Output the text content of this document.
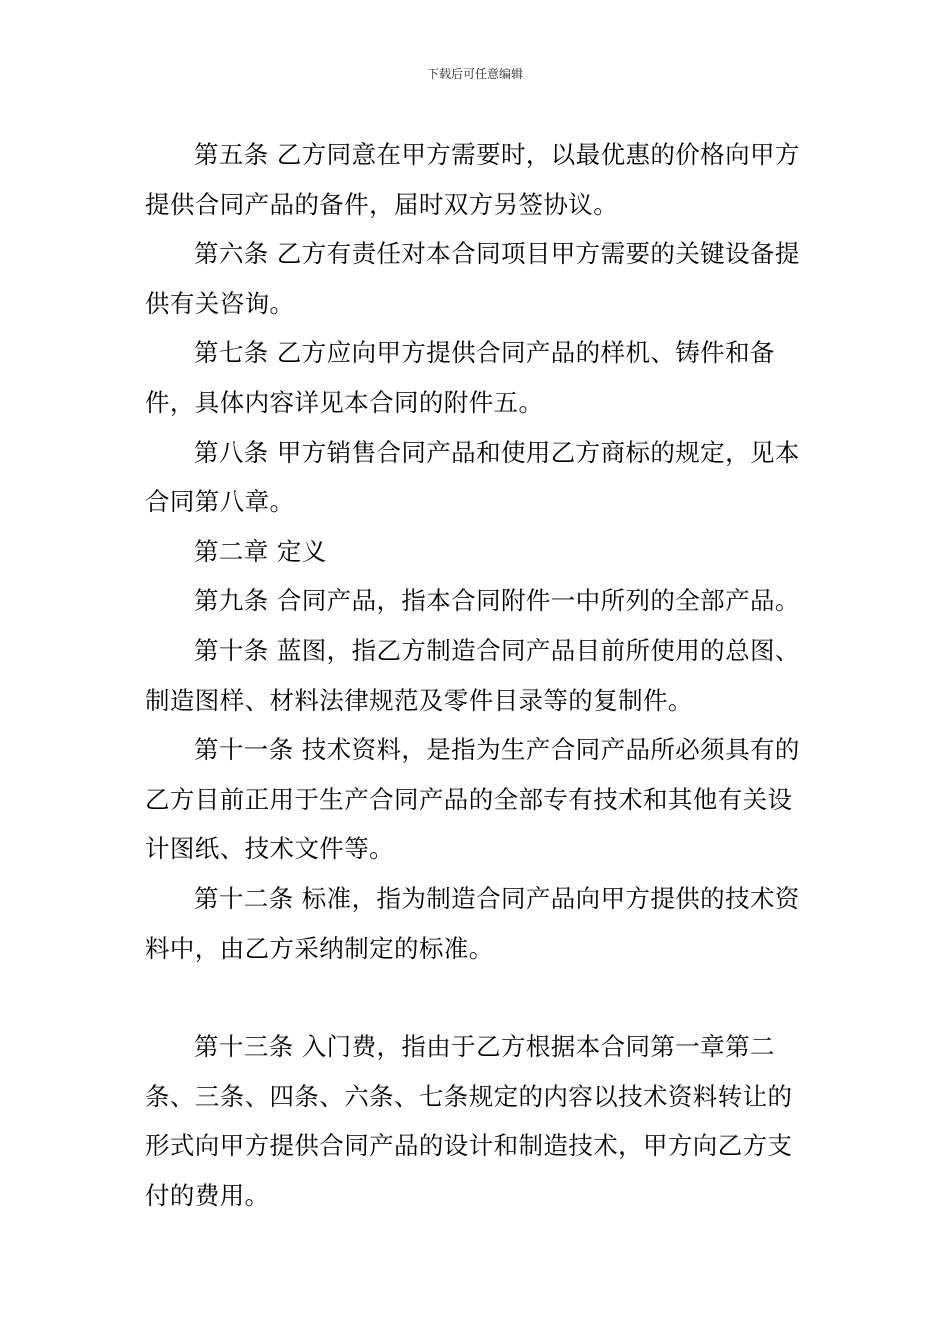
下载后可任意编辑

第五条 乙方同意在甲方需要时，以最优惠的价格向甲方提供合同产品的备件，届时双方另签协议。

第六条 乙方有责任对本合同项目甲方需要的关键设备提供有关咨询。

第七条 乙方应向甲方提供合同产品的样机、铸件和备件，具体内容详见本合同的附件五。

第八条 甲方销售合同产品和使用乙方商标的规定，见本合同第八章。

第二章 定义

第九条 合同产品，指本合同附件一中所列的全部产品。

第十条 蓝图，指乙方制造合同产品目前所使用的总图、制造图样、材料法律规范及零件目录等的复制件。

第十一条 技术资料，是指为生产合同产品所必须具有的乙方目前正用于生产合同产品的全部专有技术和其他有关设计图纸、技术文件等。

第十二条 标准，指为制造合同产品向甲方提供的技术资料中，由乙方采纳制定的标准。

第十三条 入门费，指由于乙方根据本合同第一章第二条、三条、四条、六条、七条规定的内容以技术资料转让的形式向甲方提供合同产品的设计和制造技术，甲方向乙方支付的费用。
